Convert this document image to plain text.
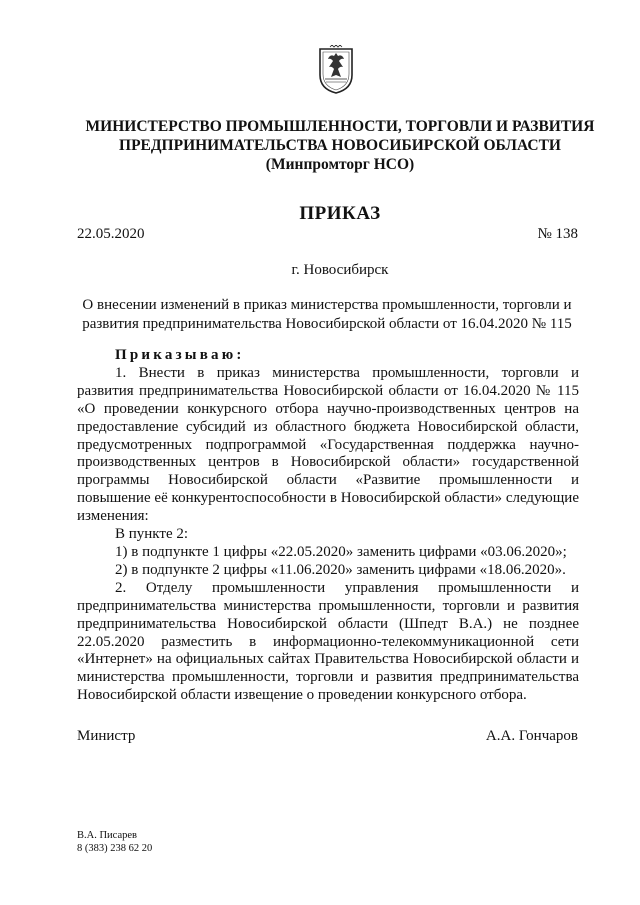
МИНИСТЕРСТВО ПРОМЫШЛЕННОСТИ, ТОРГОВЛИ И РАЗВИТИЯ
ПРЕДПРИНИМАТЕЛЬСТВА НОВОСИБИРСКОЙ ОБЛАСТИ
(Минпромторг НСО)
ПРИКАЗ
22.05.2020	№ 138
г. Новосибирск
О внесении изменений в приказ министерства промышленности, торговли и развития предпринимательства Новосибирской области от 16.04.2020 № 115

Приказываю:

1. Внести в приказ министерства промышленности, торговли и развития предпринимательства Новосибирской области от 16.04.2020 № 115 «О проведении конкурсного отбора научно-производственных центров на предоставление субсидий из областного бюджета Новосибирской области, предусмотренных подпрограммой «Государственная поддержка научно-производственных центров в Новосибирской области» государственной программы Новосибирской области «Развитие промышленности и повышение её конкурентоспособности в Новосибирской области» следующие изменения:

В пункте 2:

1) в подпункте 1 цифры «22.05.2020» заменить цифрами «03.06.2020»;

2) в подпункте 2 цифры «11.06.2020» заменить цифрами «18.06.2020».

2. Отделу промышленности управления промышленности и предпринимательства министерства промышленности, торговли и развития предпринимательства Новосибирской области (Шпедт В.А.) не позднее 22.05.2020 разместить в информационно-телекоммуникационной сети «Интернет» на официальных сайтах Правительства Новосибирской области и министерства промышленности, торговли и развития предпринимательства Новосибирской области извещение о проведении конкурсного отбора.

Министр	А.А. Гончаров
В.А. Писарев
8 (383) 238 62 20
